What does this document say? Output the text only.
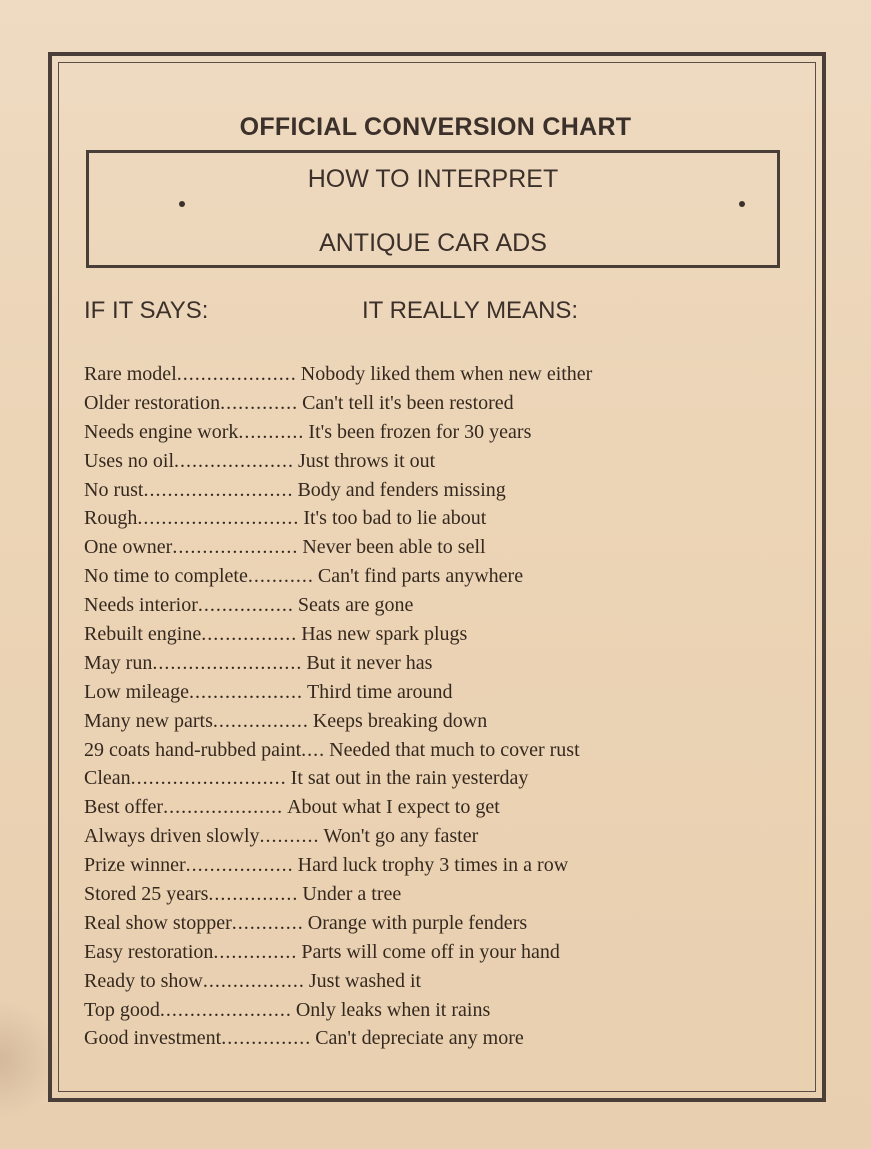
OFFICIAL CONVERSION CHART
HOW TO INTERPRET
ANTIQUE CAR ADS
IF IT SAYS:	IT REALLY MEANS:
Rare model.................... Nobody liked them when new either
Older restoration............. Can't tell it's been restored
Needs engine work........... It's been frozen for 30 years
Uses no oil.................... Just throws it out
No rust......................... Body and fenders missing
Rough........................... It's too bad to lie about
One owner..................... Never been able to sell
No time to complete........... Can't find parts anywhere
Needs interior................ Seats are gone
Rebuilt engine................ Has new spark plugs
May run......................... But it never has
Low mileage................... Third time around
Many new parts................ Keeps breaking down
29 coats hand-rubbed paint.... Needed that much to cover rust
Clean.......................... It sat out in the rain yesterday
Best offer.................... About what I expect to get
Always driven slowly.......... Won't go any faster
Prize winner.................. Hard luck trophy 3 times in a row
Stored 25 years............... Under a tree
Real show stopper............ Orange with purple fenders
Easy restoration.............. Parts will come off in your hand
Ready to show................. Just washed it
Top good...................... Only leaks when it rains
Good investment............... Can't depreciate any more
